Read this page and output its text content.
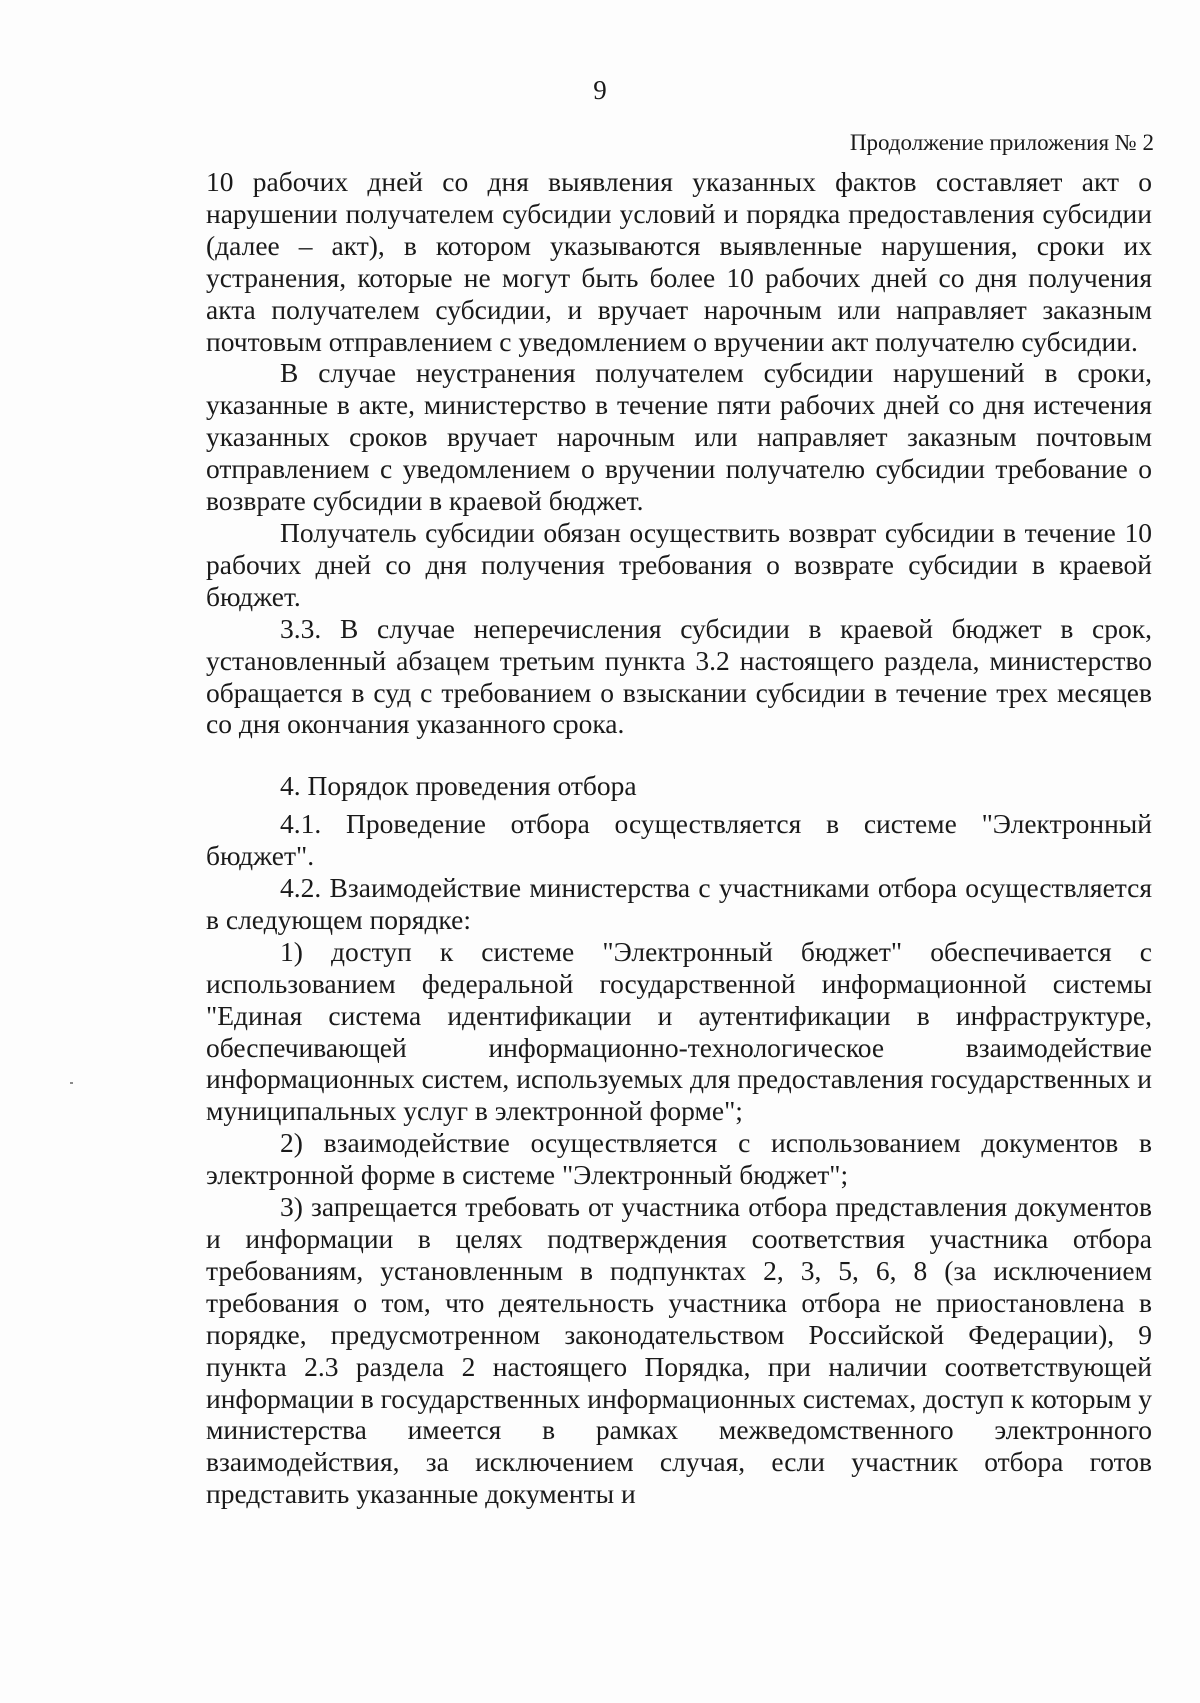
9
Продолжение приложения № 2

10 рабочих дней со дня выявления указанных фактов составляет акт о нарушении получателем субсидии условий и порядка предоставления субсидии (далее – акт), в котором указываются выявленные нарушения, сроки их устранения, которые не могут быть более 10 рабочих дней со дня получения акта получателем субсидии, и вручает нарочным или направляет заказным почтовым отправлением с уведомлением о вручении акт получателю субсидии.

В случае неустранения получателем субсидии нарушений в сроки, указанные в акте, министерство в течение пяти рабочих дней со дня истечения указанных сроков вручает нарочным или направляет заказным почтовым отправлением с уведомлением о вручении получателю субсидии требование о возврате субсидии в краевой бюджет.

Получатель субсидии обязан осуществить возврат субсидии в течение 10 рабочих дней со дня получения требования о возврате субсидии в краевой бюджет.

3.3. В случае неперечисления субсидии в краевой бюджет в срок, установленный абзацем третьим пункта 3.2 настоящего раздела, министерство обращается в суд с требованием о взыскании субсидии в течение трех месяцев со дня окончания указанного срока.

4. Порядок проведения отбора

4.1. Проведение отбора осуществляется в системе "Электронный бюджет".

4.2. Взаимодействие министерства с участниками отбора осуществляется в следующем порядке:

1) доступ к системе "Электронный бюджет" обеспечивается с использованием федеральной государственной информационной системы "Единая система идентификации и аутентификации в инфраструктуре, обеспечивающей информационно-технологическое взаимодействие информационных систем, используемых для предоставления государственных и муниципальных услуг в электронной форме";

2) взаимодействие осуществляется с использованием документов в электронной форме в системе "Электронный бюджет";

3) запрещается требовать от участника отбора представления документов и информации в целях подтверждения соответствия участника отбора требованиям, установленным в подпунктах 2, 3, 5, 6, 8 (за исключением требования о том, что деятельность участника отбора не приостановлена в порядке, предусмотренном законодательством Российской Федерации), 9 пункта 2.3 раздела 2 настоящего Порядка, при наличии соответствующей информации в государственных информационных системах, доступ к которым у министерства имеется в рамках межведомственного электронного взаимодействия, за исключением случая, если участник отбора готов представить указанные документы и
